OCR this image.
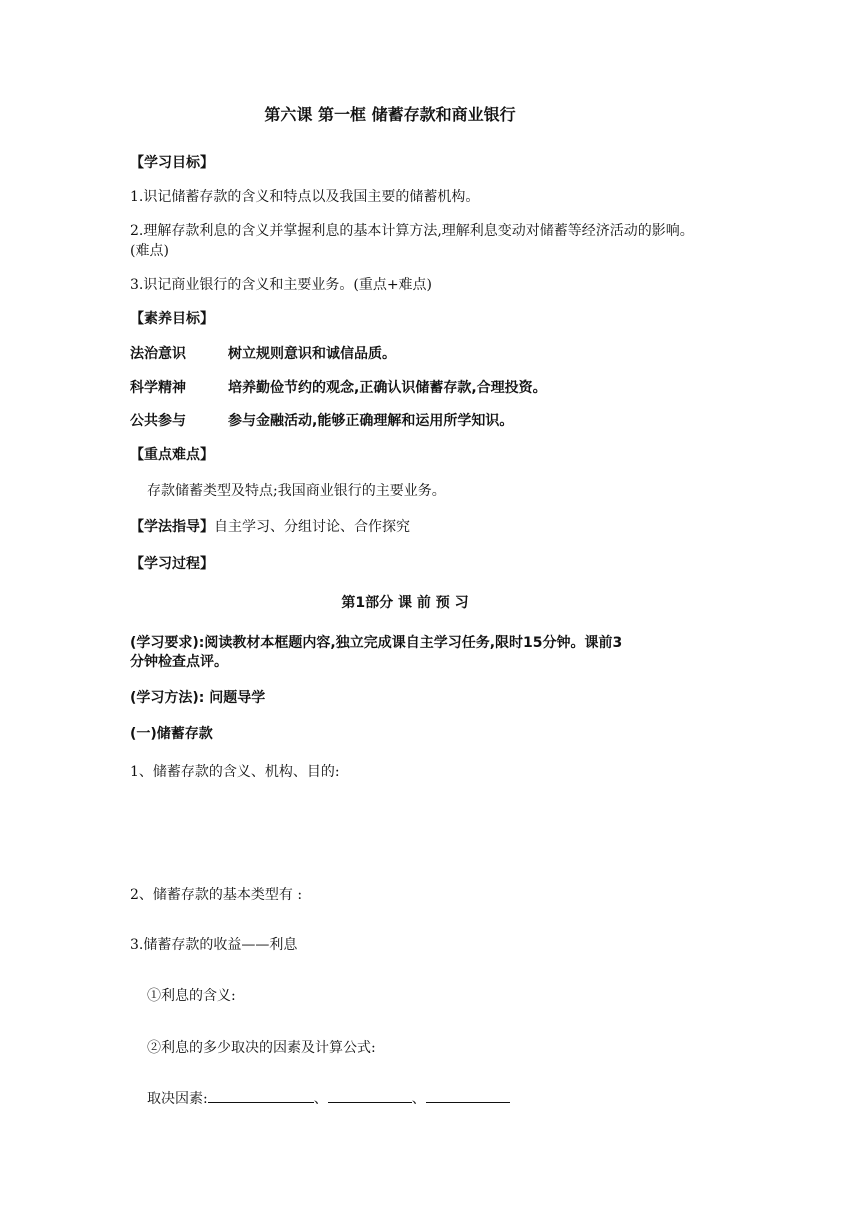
第六课 第一框 储蓄存款和商业银行
【学习目标】
1.识记储蓄存款的含义和特点以及我国主要的储蓄机构。
2.理解存款利息的含义并掌握利息的基本计算方法,理解利息变动对储蓄等经济活动的影响。
(难点)
3.识记商业银行的含义和主要业务。(重点+难点)
【素养目标】
法治意识	树立规则意识和诚信品质。
科学精神	培养勤俭节约的观念,正确认识储蓄存款,合理投资。
公共参与	参与金融活动,能够正确理解和运用所学知识。
【重点难点】
存款储蓄类型及特点;我国商业银行的主要业务。
【学法指导】自主学习、分组讨论、合作探究
【学习过程】
第1部分 课 前 预 习
(学习要求):阅读教材本框题内容,独立完成课自主学习任务,限时15分钟。课前3
分钟检查点评。
(学习方法): 问题导学
(一)储蓄存款
1、储蓄存款的含义、机构、目的:
2、储蓄存款的基本类型有 :
3.储蓄存款的收益——利息
①利息的含义:
②利息的多少取决的因素及计算公式:
取决因素:	、	、
